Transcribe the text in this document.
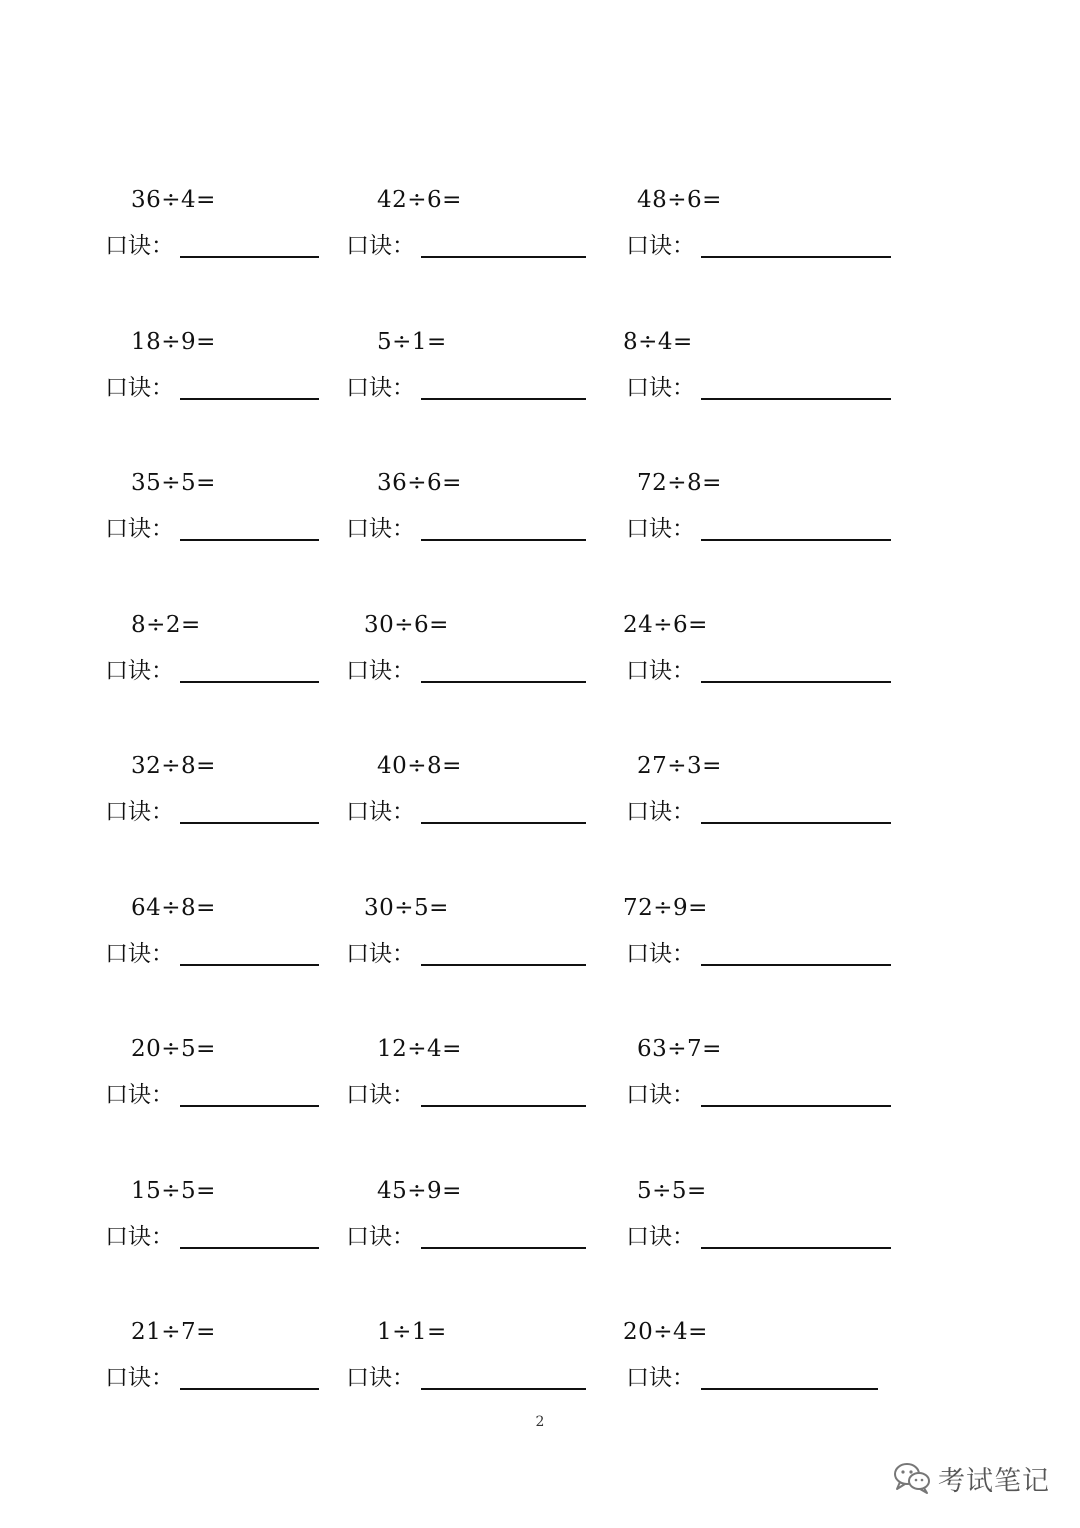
36÷4=
口诀：
42÷6=
口诀：
48÷6=
口诀：
18÷9=
口诀：
5÷1=
口诀：
8÷4=
口诀：
35÷5=
口诀：
36÷6=
口诀：
72÷8=
口诀：
8÷2=
口诀：
30÷6=
口诀：
24÷6=
口诀：
32÷8=
口诀：
40÷8=
口诀：
27÷3=
口诀：
64÷8=
口诀：
30÷5=
口诀：
72÷9=
口诀：
20÷5=
口诀：
12÷4=
口诀：
63÷7=
口诀：
15÷5=
口诀：
45÷9=
口诀：
5÷5=
口诀：
21÷7=
口诀：
1÷1=
口诀：
20÷4=
口诀：
2
考试笔记
